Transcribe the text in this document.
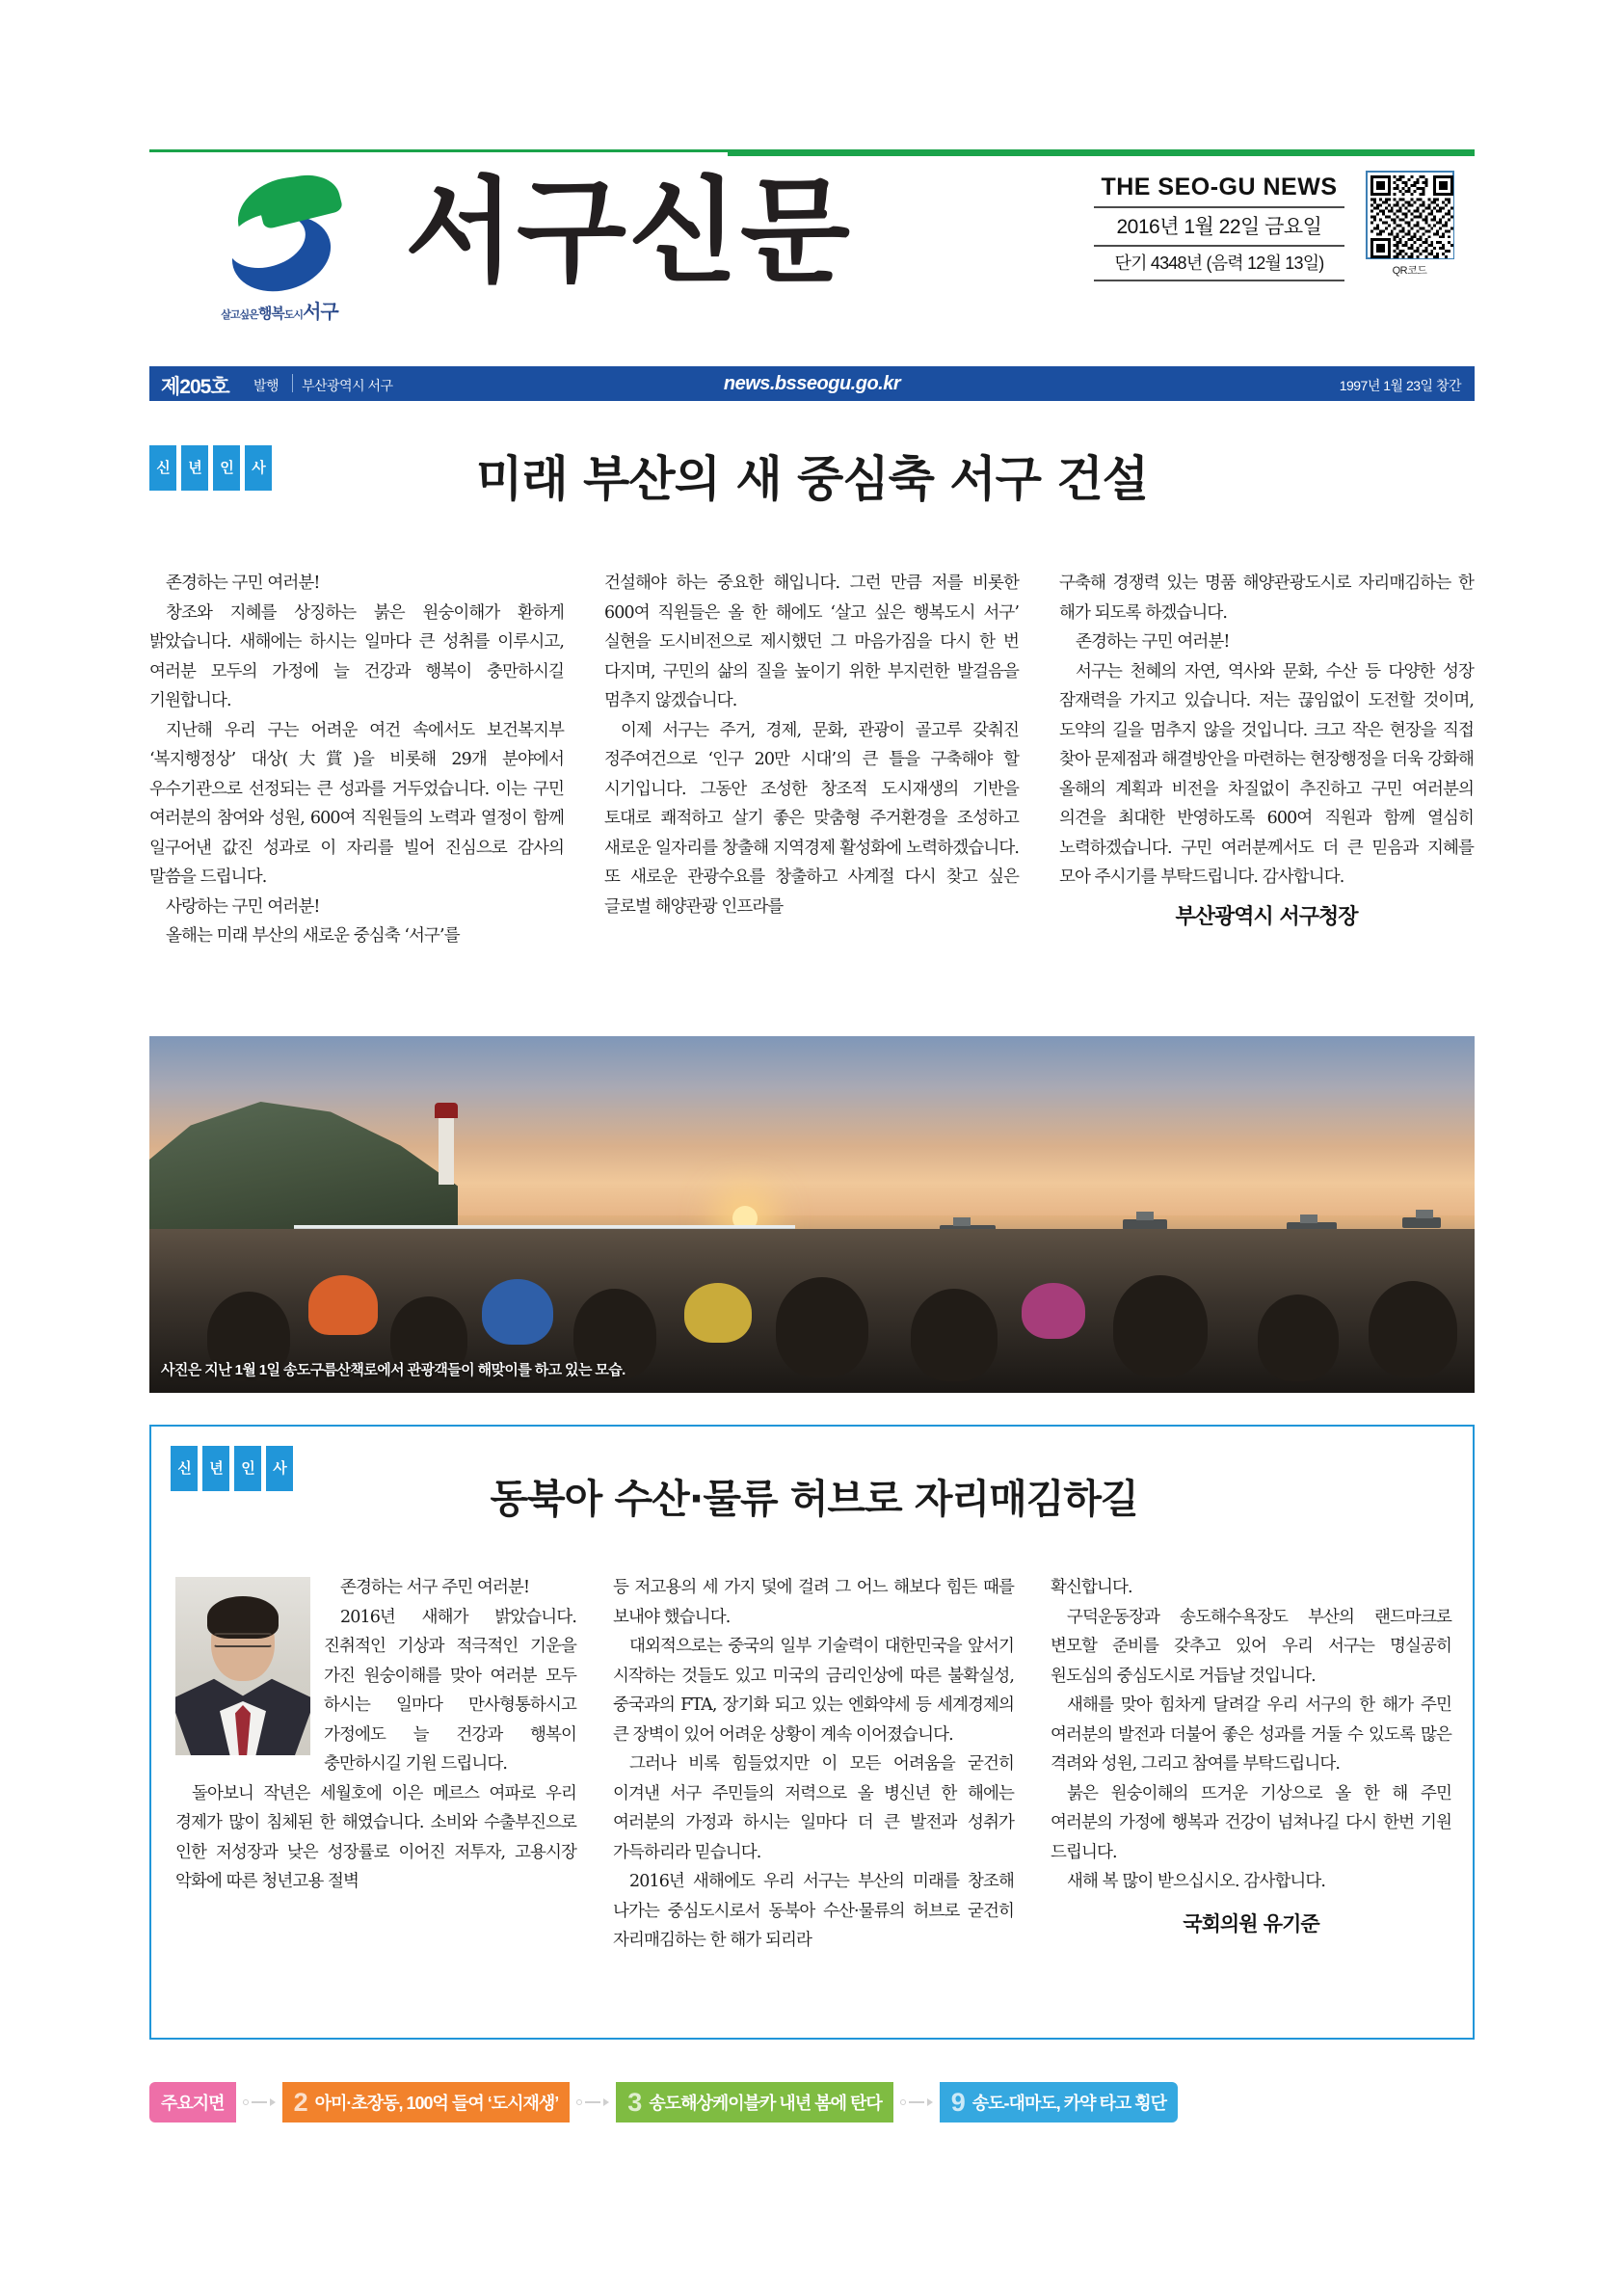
살고싶은행복도시서구
서구신문	THE SEO-GU NEWS
2016년 1월 22일 금요일
단기 4348년 (음력 12월 13일)	QR코드
제205호 발행 부산광역시 서구	news.bsseogu.go.kr	1997년 1월 23일 창간
신	년	인	사	미래 부산의 새 중심축 서구 건설

존경하는 구민 여러분!

창조와 지혜를 상징하는 붉은 원숭이해가 환하게 밝았습니다. 새해에는 하시는 일마다 큰 성취를 이루시고, 여러분 모두의 가정에 늘 건강과 행복이 충만하시길 기원합니다.

지난해 우리 구는 어려운 여건 속에서도 보건복지부 ‘복지행정상’ 대상(大賞)을 비롯해 29개 분야에서 우수기관으로 선정되는 큰 성과를 거두었습니다. 이는 구민 여러분의 참여와 성원, 600여 직원들의 노력과 열정이 함께 일구어낸 값진 성과로 이 자리를 빌어 진심으로 감사의 말씀을 드립니다.

사랑하는 구민 여러분!

올해는 미래 부산의 새로운 중심축 ‘서구’를

건설해야 하는 중요한 해입니다. 그런 만큼 저를 비롯한 600여 직원들은 올 한 해에도 ‘살고 싶은 행복도시 서구’ 실현을 도시비전으로 제시했던 그 마음가짐을 다시 한 번 다지며, 구민의 삶의 질을 높이기 위한 부지런한 발걸음을 멈추지 않겠습니다.

이제 서구는 주거, 경제, 문화, 관광이 골고루 갖춰진 정주여건으로 ‘인구 20만 시대’의 큰 틀을 구축해야 할 시기입니다. 그동안 조성한 창조적 도시재생의 기반을 토대로 쾌적하고 살기 좋은 맞춤형 주거환경을 조성하고 새로운 일자리를 창출해 지역경제 활성화에 노력하겠습니다. 또 새로운 관광수요를 창출하고 사계절 다시 찾고 싶은 글로벌 해양관광 인프라를

구축해 경쟁력 있는 명품 해양관광도시로 자리매김하는 한 해가 되도록 하겠습니다.

존경하는 구민 여러분!

서구는 천혜의 자연, 역사와 문화, 수산 등 다양한 성장 잠재력을 가지고 있습니다. 저는 끊임없이 도전할 것이며, 도약의 길을 멈추지 않을 것입니다. 크고 작은 현장을 직접 찾아 문제점과 해결방안을 마련하는 현장행정을 더욱 강화해 올해의 계획과 비전을 차질없이 추진하고 구민 여러분의 의견을 최대한 반영하도록 600여 직원과 함께 열심히 노력하겠습니다. 구민 여러분께서도 더 큰 믿음과 지혜를 모아 주시기를 부탁드립니다. 감사합니다.

부산광역시 서구청장
사진은 지난 1월 1일 송도구름산책로에서 관광객들이 해맞이를 하고 있는 모습.
신	년	인	사
동북아 수산·물류 허브로 자리매김하길

존경하는 서구 주민 여러분!

2016년 새해가 밝았습니다. 진취적인 기상과 적극적인 기운을 가진 원숭이해를 맞아 여러분 모두 하시는 일마다 만사형통하시고 가정에도 늘 건강과 행복이 충만하시길 기원 드립니다.

돌아보니 작년은 세월호에 이은 메르스 여파로 우리 경제가 많이 침체된 한 해였습니다. 소비와 수출부진으로 인한 저성장과 낮은 성장률로 이어진 저투자, 고용시장 악화에 따른 청년고용 절벽

등 저고용의 세 가지 덫에 걸려 그 어느 해보다 힘든 때를 보내야 했습니다.

대외적으로는 중국의 일부 기술력이 대한민국을 앞서기 시작하는 것들도 있고 미국의 금리인상에 따른 불확실성, 중국과의 FTA, 장기화 되고 있는 엔화약세 등 세계경제의 큰 장벽이 있어 어려운 상황이 계속 이어졌습니다.

그러나 비록 힘들었지만 이 모든 어려움을 굳건히 이겨낸 서구 주민들의 저력으로 올 병신년 한 해에는 여러분의 가정과 하시는 일마다 더 큰 발전과 성취가 가득하리라 믿습니다.

2016년 새해에도 우리 서구는 부산의 미래를 창조해 나가는 중심도시로서 동북아 수산·물류의 허브로 굳건히 자리매김하는 한 해가 되리라

확신합니다.

구덕운동장과 송도해수욕장도 부산의 랜드마크로 변모할 준비를 갖추고 있어 우리 서구는 명실공히 원도심의 중심도시로 거듭날 것입니다.

새해를 맞아 힘차게 달려갈 우리 서구의 한 해가 주민 여러분의 발전과 더불어 좋은 성과를 거둘 수 있도록 많은 격려와 성원, 그리고 참여를 부탁드립니다.

붉은 원숭이해의 뜨거운 기상으로 올 한 해 주민 여러분의 가정에 행복과 건강이 넘쳐나길 다시 한번 기원 드립니다.

새해 복 많이 받으십시오. 감사합니다.

국회의원 유기준
주요지면	2 아미·초장동, 100억 들여 ‘도시재생’	3 송도해상케이블카 내년 봄에 탄다	9 송도-대마도, 카약 타고 횡단
